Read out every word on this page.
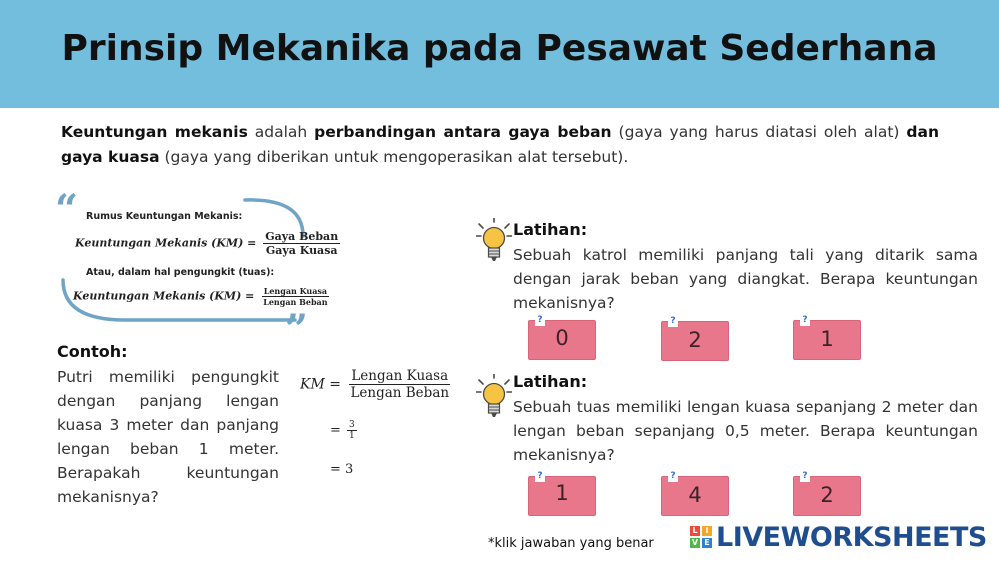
Prinsip Mekanika pada Pesawat Sederhana
Keuntungan mekanis adalah perbandingan antara gaya beban (gaya yang harus diatasi oleh alat) dan gaya kuasa (gaya yang diberikan untuk mengoperasikan alat tersebut).
“
”
Rumus Keuntungan Mekanis:
Keuntungan Mekanis $(KM) = \frac{\text{Gaya Beban}}{\text{Gaya Kuasa}}$
Atau, dalam hal pengungkit (tuas):
Keuntungan Mekanis $(KM) = \frac{\text{Lengan Kuasa}}{\text{Lengan Beban}}$
Contoh:
Putri memiliki pengungkit dengan panjang lengan kuasa 3 meter dan panjang lengan beban 1 meter. Berapakah keuntungan mekanisnya?
KM = $\frac{\text{Lengan Kuasa}}{\text{Lengan Beban}}$
= $\frac{3}{1}$
= 3
Latihan:
Sebuah katrol memiliki panjang tali yang ditarik sama dengan jarak beban yang diangkat. Berapa keuntungan mekanisnya?
?
0
?
2
?
1
Latihan:
Sebuah tuas memiliki lengan kuasa sepanjang 2 meter dan lengan beban sepanjang 0,5 meter. Berapa keuntungan mekanisnya?
?
1
?
4
?
2
*klik jawaban yang benar
L I
V E LIVEWORKSHEETS
